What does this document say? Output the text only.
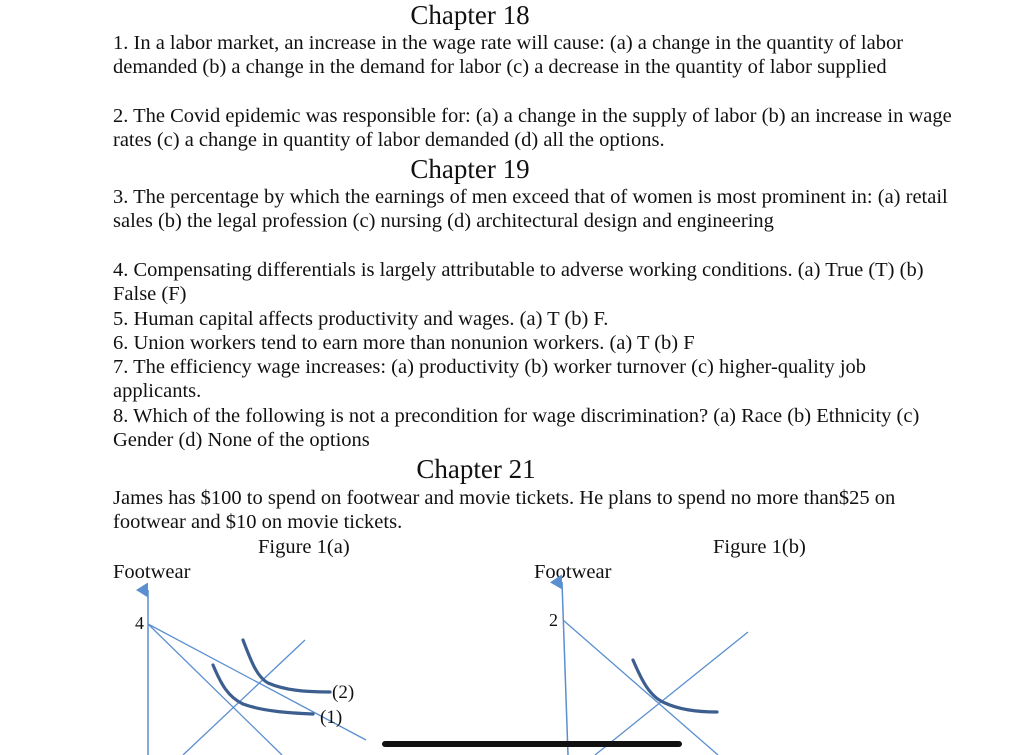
Chapter 18
1. In a labor market, an increase in the wage rate will cause: (a) a change in the quantity of labor demanded (b) a change in the demand for labor (c) a decrease in the quantity of labor supplied
2. The Covid epidemic was responsible for: (a) a change in the supply of labor (b) an increase in wage rates (c) a change in quantity of labor demanded (d) all the options.
Chapter 19
3. The percentage by which the earnings of men exceed that of women is most prominent in: (a) retail sales (b) the legal profession (c) nursing (d) architectural design and engineering
4. Compensating differentials is largely attributable to adverse working conditions. (a) True (T) (b) False (F)
5. Human capital affects productivity and wages. (a) T (b) F.
6. Union workers tend to earn more than nonunion workers. (a) T (b) F
7. The efficiency wage increases: (a) productivity (b) worker turnover (c) higher-quality job applicants.
8. Which of the following is not a precondition for wage discrimination? (a) Race (b) Ethnicity (c) Gender (d) None of the options
Chapter 21
James has $100 to spend on footwear and movie tickets. He plans to spend no more than$25 on footwear and $10 on movie tickets.
Figure 1(a)	Figure 1(b)
Footwear	Footwear
4
(2)
(1)
2
